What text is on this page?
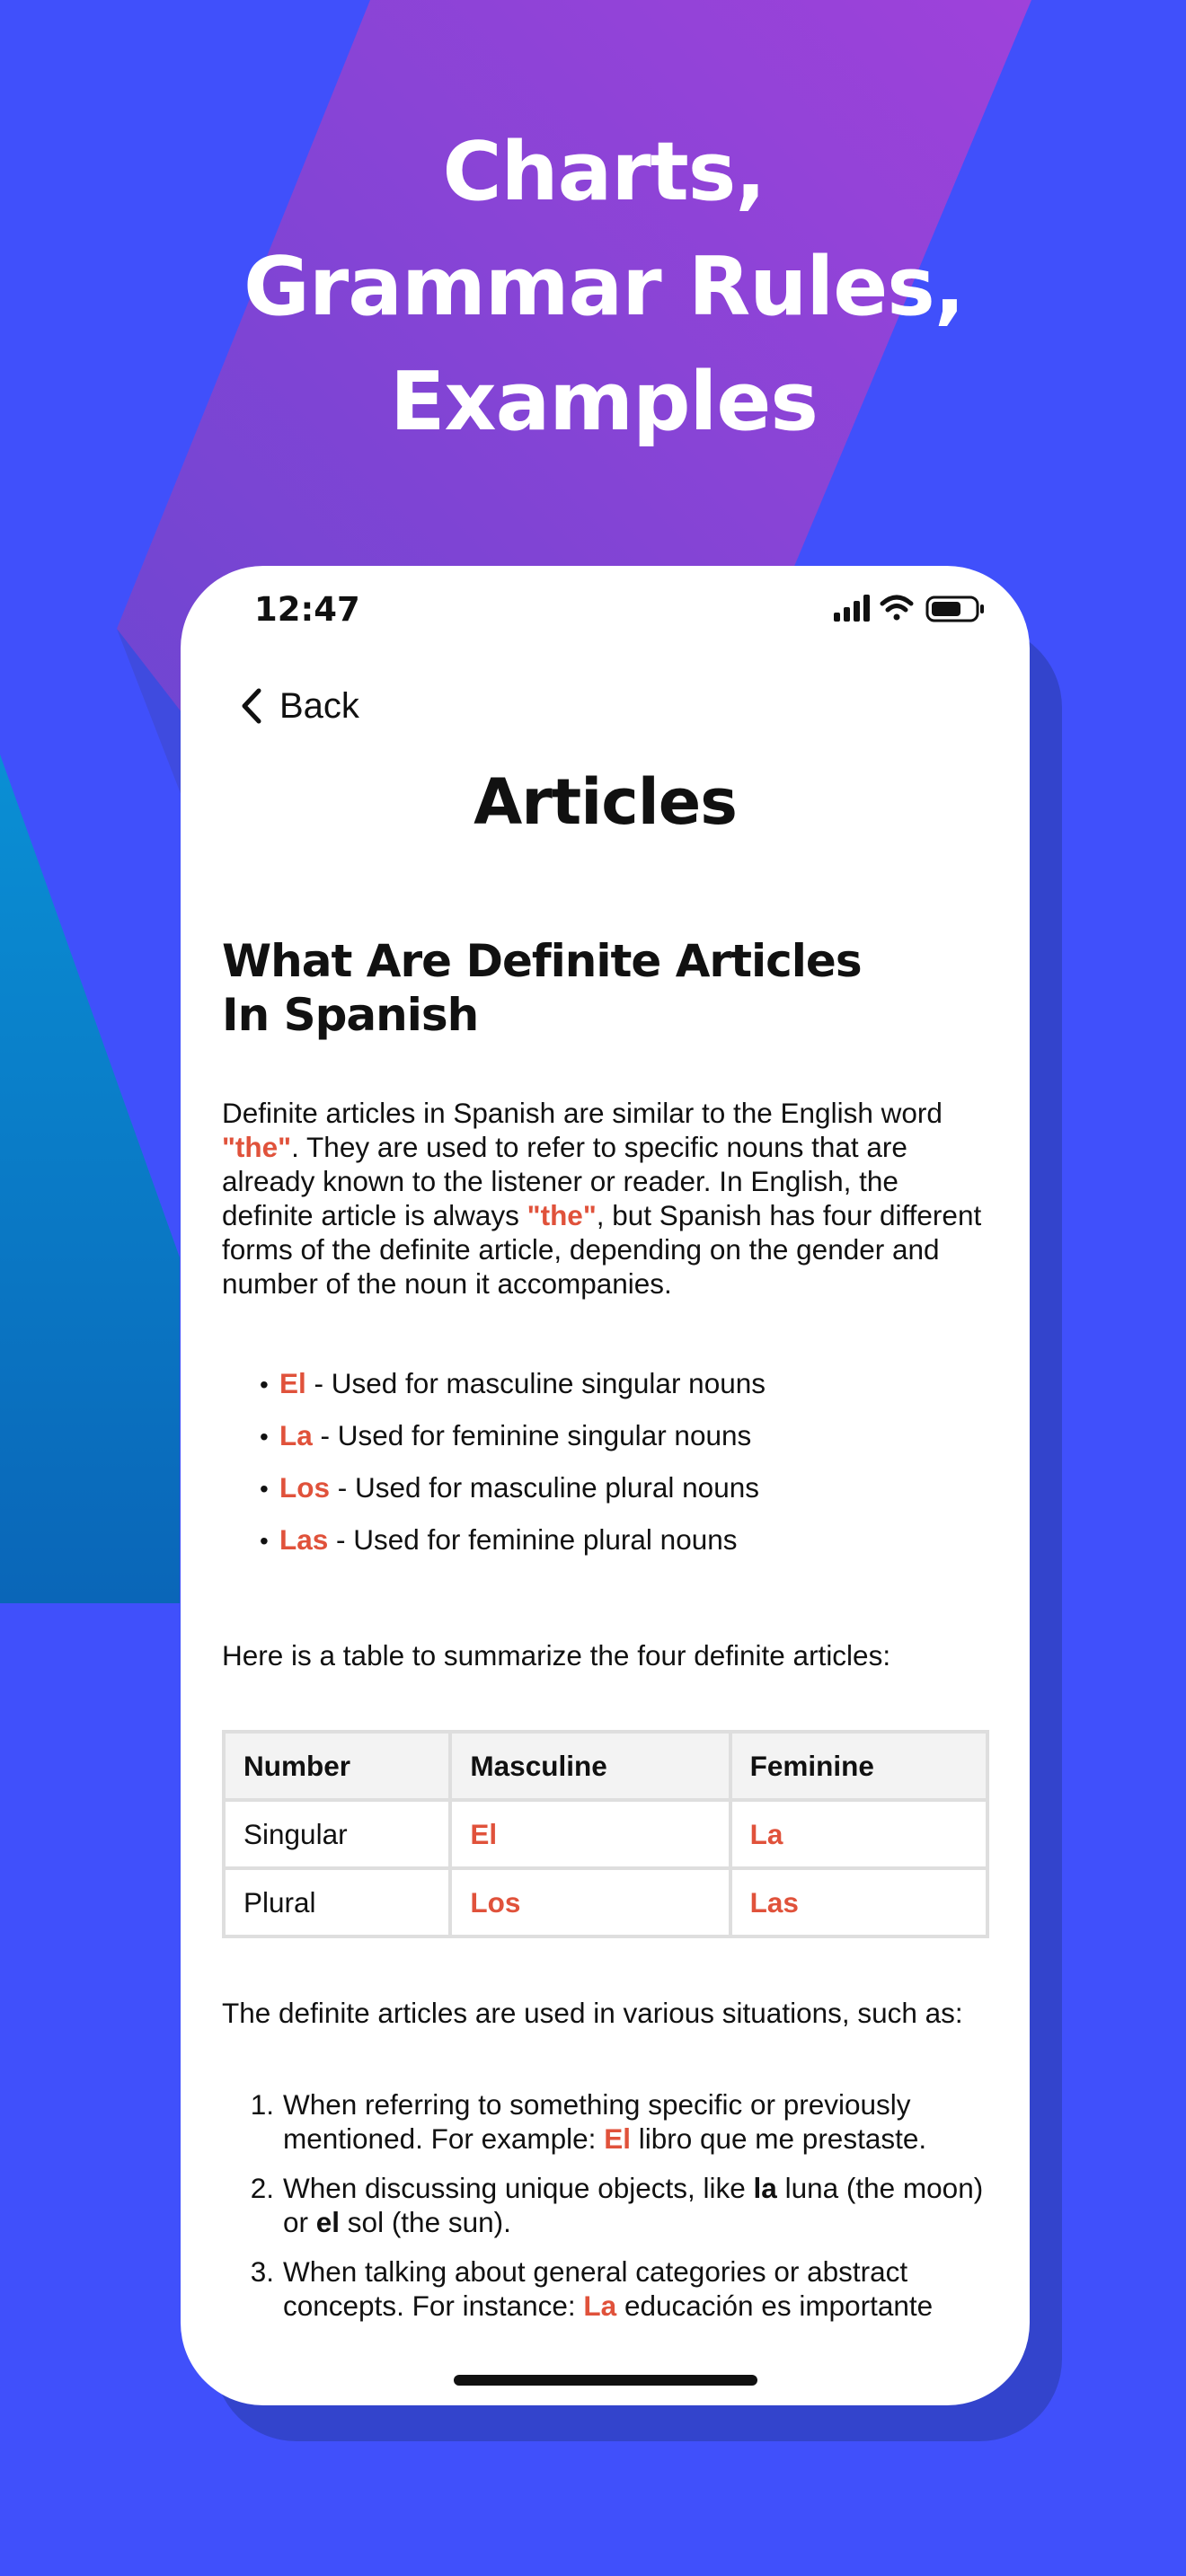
Charts,
Grammar Rules,
Examples
12:47
Back
Articles
What Are Definite Articles In Spanish

Definite articles in Spanish are similar to the English word "the". They are used to refer to specific nouns that are already known to the listener or reader. In English, the definite article is always "the", but Spanish has four different forms of the definite article, depending on the gender and number of the noun it accompanies.

• El - Used for masculine singular nouns
• La - Used for feminine singular nouns
• Los - Used for masculine plural nouns
• Las - Used for feminine plural nouns

Here is a table to summarize the four definite articles:

Number	Masculine	Feminine
Singular	El	La
Plural	Los	Las

The definite articles are used in various situations, such as:

1. When referring to something specific or previously mentioned. For example: El libro que me prestaste.
2. When discussing unique objects, like la luna (the moon) or el sol (the sun).
3. When talking about general categories or abstract concepts. For instance: La educación es importante
